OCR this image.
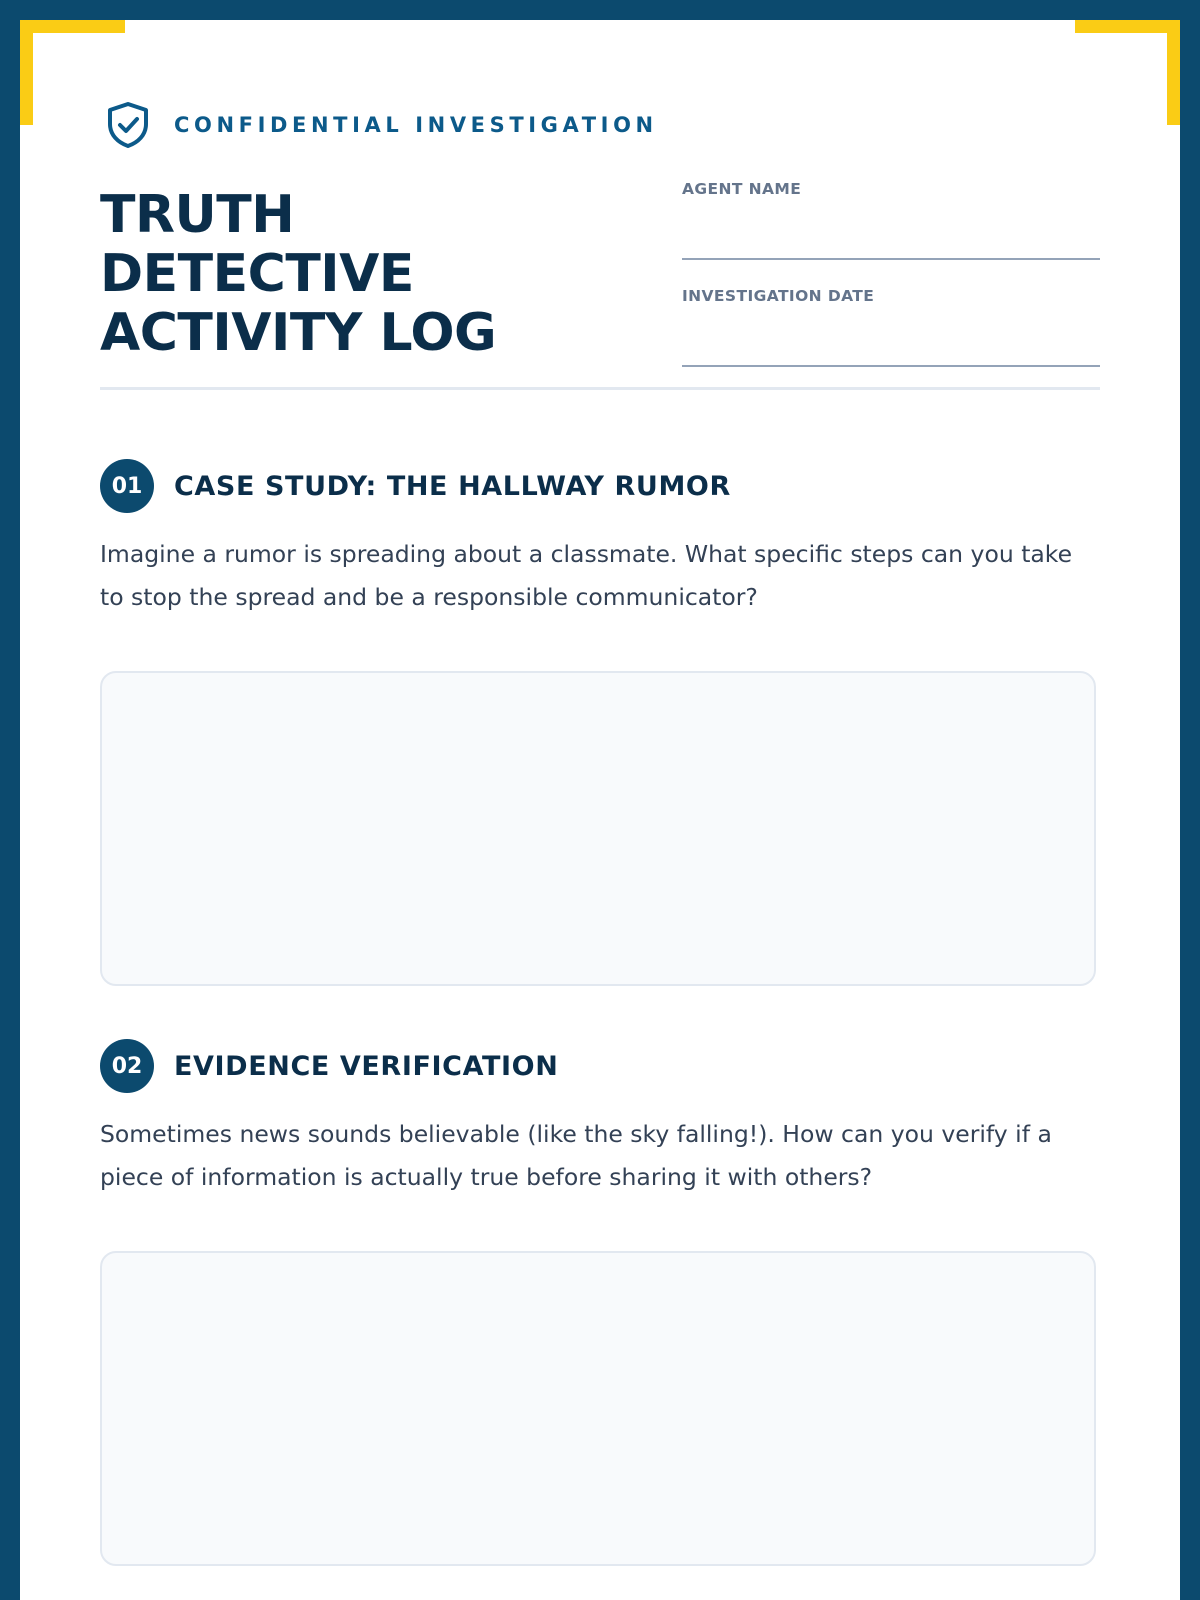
CONFIDENTIAL INVESTIGATION
TRUTH
DETECTIVE
ACTIVITY LOG
AGENT NAME
INVESTIGATION DATE
01	CASE STUDY: THE HALLWAY RUMOR

Imagine a rumor is spreading about a classmate. What specific steps can you take to stop the spread and be a responsible communicator?

02	EVIDENCE VERIFICATION

Sometimes news sounds believable (like the sky falling!). How can you verify if a piece of information is actually true before sharing it with others?
